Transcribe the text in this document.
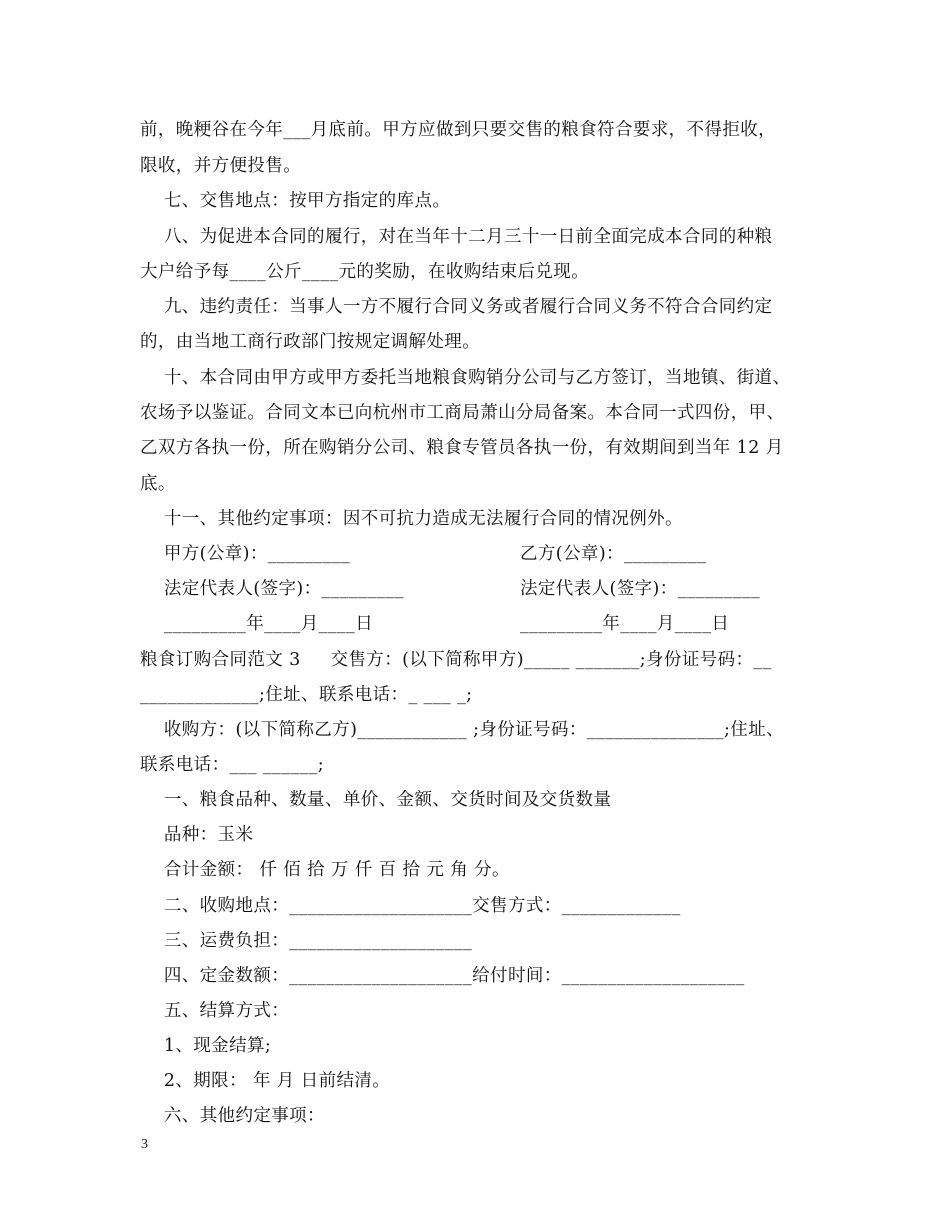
前，晚粳谷在今年___月底前。甲方应做到只要交售的粮食符合要求，不得拒收，
限收，并方便投售。
七、交售地点：按甲方指定的库点。
八、为促进本合同的履行，对在当年十二月三十一日前全面完成本合同的种粮
大户给予每____公斤____元的奖励，在收购结束后兑现。
九、违约责任：当事人一方不履行合同义务或者履行合同义务不符合合同约定
的，由当地工商行政部门按规定调解处理。
十、本合同由甲方或甲方委托当地粮食购销分公司与乙方签订，当地镇、街道、
农场予以鉴证。合同文本已向杭州市工商局萧山分局备案。本合同一式四份，甲、
乙双方各执一份，所在购销分公司、粮食专管员各执一份，有效期间到当年 12 月
底。
十一、其他约定事项：因不可抗力造成无法履行合同的情况例外。
甲方(公章)：_________	乙方(公章)：_________
法定代表人(签字)：_________	法定代表人(签字)：_________
_________年____月____日	_________年____月____日
粮食订购合同范文 3     交售方：(以下简称甲方)_____ _______;身份证号码：__
_____________;住址、联系电话：_ ___ _;
收购方：(以下简称乙方)____________ ;身份证号码：_______________;住址、
联系电话：___ ______;
一、粮食品种、数量、单价、金额、交货时间及交货数量
品种：玉米
合计金额： 仟 佰 拾 万 仟 百 拾 元 角 分。
二、收购地点：____________________交售方式：_____________
三、运费负担：____________________
四、定金数额：____________________给付时间：____________________
五、结算方式：
1、现金结算;
2、期限： 年 月 日前结清。
六、其他约定事项：
3
